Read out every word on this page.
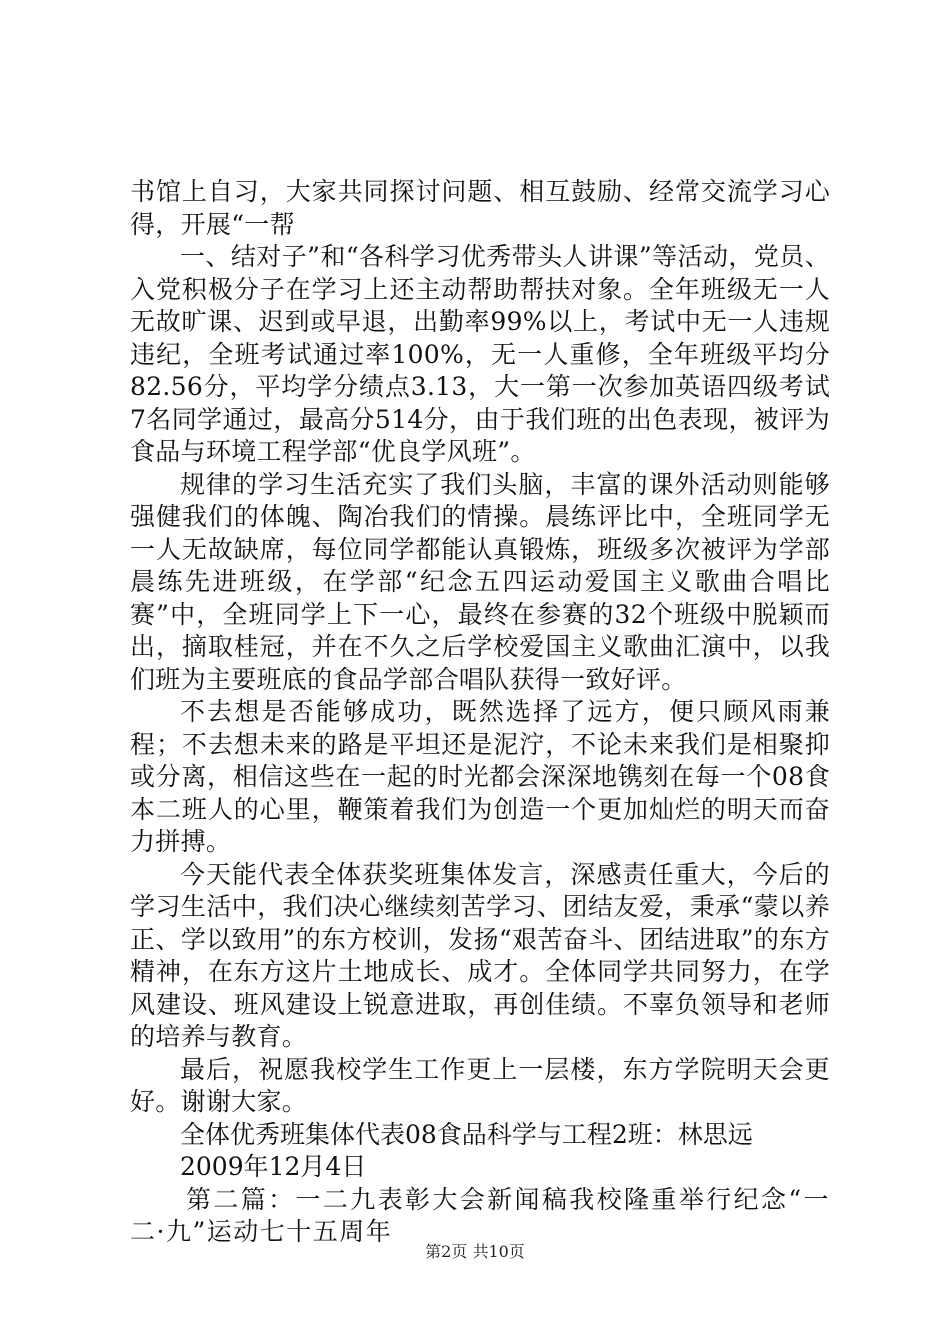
书馆上自习，大家共同探讨问题、相互鼓励、经常交流学习心得，开展“一帮

一、结对子”和“各科学习优秀带头人讲课”等活动，党员、入党积极分子在学习上还主动帮助帮扶对象。全年班级无一人无故旷课、迟到或早退，出勤率99%以上，考试中无一人违规违纪，全班考试通过率100%，无一人重修，全年班级平均分82.56分，平均学分绩点3.13，大一第一次参加英语四级考试7名同学通过，最高分514分，由于我们班的出色表现，被评为食品与环境工程学部“优良学风班”。

规律的学习生活充实了我们头脑，丰富的课外活动则能够强健我们的体魄、陶冶我们的情操。晨练评比中，全班同学无一人无故缺席，每位同学都能认真锻炼，班级多次被评为学部晨练先进班级，在学部“纪念五四运动爱国主义歌曲合唱比赛”中，全班同学上下一心，最终在参赛的32个班级中脱颖而出，摘取桂冠，并在不久之后学校爱国主义歌曲汇演中，以我们班为主要班底的食品学部合唱队获得一致好评。

不去想是否能够成功，既然选择了远方，便只顾风雨兼程；不去想未来的路是平坦还是泥泞，不论未来我们是相聚抑或分离，相信这些在一起的时光都会深深地镌刻在每一个08食本二班人的心里，鞭策着我们为创造一个更加灿烂的明天而奋力拼搏。

今天能代表全体获奖班集体发言，深感责任重大，今后的学习生活中，我们决心继续刻苦学习、团结友爱，秉承“蒙以养正、学以致用”的东方校训，发扬“艰苦奋斗、团结进取”的东方精神，在东方这片土地成长、成才。全体同学共同努力，在学风建设、班风建设上锐意进取，再创佳绩。不辜负领导和老师的培养与教育。

最后，祝愿我校学生工作更上一层楼，东方学院明天会更好。谢谢大家。

全体优秀班集体代表08食品科学与工程2班：林思远

2009年12月4日

第二篇：一二九表彰大会新闻稿我校隆重举行纪念“一二·九”运动七十五周年

第2页 共10页
